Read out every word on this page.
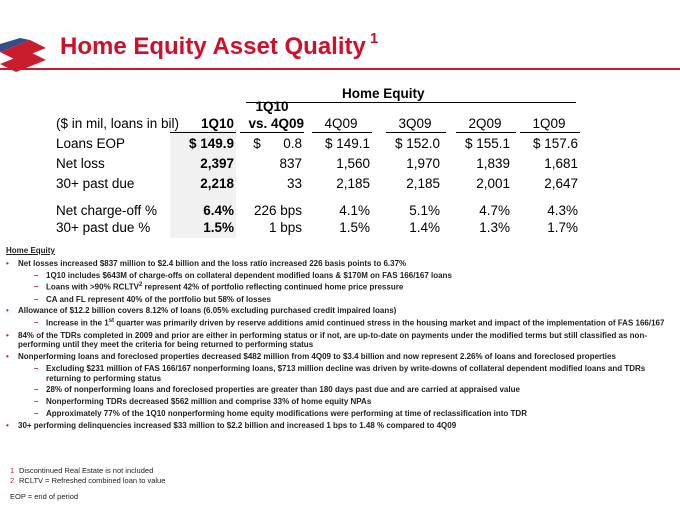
Home Equity Asset Quality $^1$
Home Equity
1Q10
($ in mil, loans in bil)	1Q10	vs. 4Q09	4Q09	3Q09	2Q09	1Q09
Loans EOP	$ 149.9	$      0.8	$ 149.1	$ 152.0	$ 155.1	$ 157.6
Net loss	2,397	837	1,560	1,970	1,839	1,681
30+ past due	2,218	33	2,185	2,185	2,001	2,647
Net charge-off %	6.4%	226 bps	4.1%	5.1%	4.7%	4.3%
30+ past due %	1.5%	1 bps	1.5%	1.4%	1.3%	1.7%
Home Equity
• Net losses increased $837 million to $2.4 billion and the loss ratio increased 226 basis points to 6.37%
– 1Q10 includes $643M of charge-offs on collateral dependent modified loans & $170M on FAS 166/167 loans
– Loans with >90% RCLTV$^2$ represent 42% of portfolio reflecting continued home price pressure
– CA and FL represent 40% of the portfolio but 58% of losses
• Allowance of $12.2 billion covers 8.12% of loans (6.05% excluding purchased credit impaired loans)
– Increase in the 1st quarter was primarily driven by reserve additions amid continued stress in the housing market and impact of the implementation of FAS 166/167
• 84% of the TDRs completed in 2009 and prior are either in performing status or if not, are up-to-date on payments under the modified terms but still classified as non-performing until they meet the criteria for being returned to performing status
• Nonperforming loans and foreclosed properties decreased $482 million from 4Q09 to $3.4 billion and now represent 2.26% of loans and foreclosed properties
– Excluding $231 million of FAS 166/167 nonperforming loans, $713 million decline was driven by write-downs of collateral dependent modified loans and TDRs returning to performing status
– 28% of nonperforming loans and foreclosed properties are greater than 180 days past due and are carried at appraised value
– Nonperforming TDRs decreased $562 million and comprise 33% of home equity NPAs
– Approximately 77% of the 1Q10 nonperforming home equity modifications were performing at time of reclassification into TDR
• 30+ performing delinquencies increased $33 million to $2.2 billion and increased 1 bps to 1.48 % compared to 4Q09
1 Discontinued Real Estate is not included
2 RCLTV = Refreshed combined loan to value
EOP = end of period
